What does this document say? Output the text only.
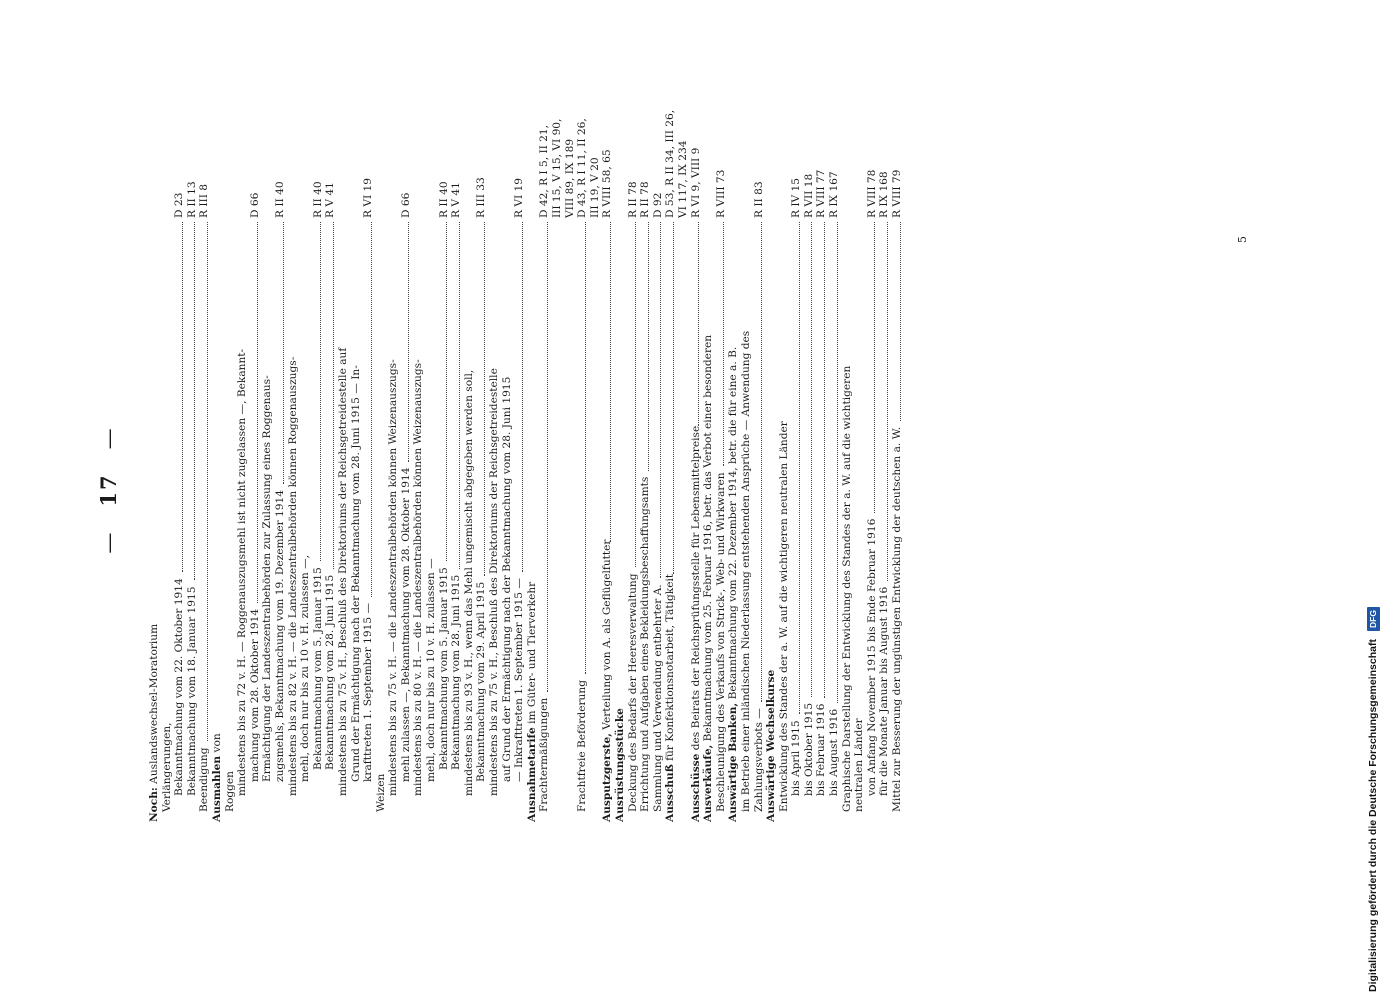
—17—
Noch: Auslandswechsel-Moratorium Verlängerungen, Bekanntmachung vom 22. Oktober 1914 Bekanntmachung vom 18. Januar 1915 Beendigung Ausmahlen von
Roggen mindestens bis zu 72 v. H. — Roggenauszugsmehl ist nicht zugelassen —, Bekannt- machung vom 28. Oktober 1914 Ermächtigung der Landeszentralbehörden zur Zulassung eines Roggenaus- zugsmehls, Bekanntmachung vom 19. Dezember 1914 mindestens bis zu 82 v. H. — die Landeszentralbehörden können Roggenauszugs- mehl, doch nur bis zu 10 v. H. zulassen —, Bekanntmachung vom 5. Januar 1915 Bekanntmachung vom 28. Juni 1915 mindestens bis zu 75 v. H., Beschluß des Direktoriums der Reichsgetreidestelle auf Grund der Ermächtigung nach der Bekanntmachung vom 28. Juni 1915 — In- krafttreten 1. September 1915 —
Weizen mindestens bis zu 75 v. H. — die Landeszentralbehörden können Weizenauszugs- mehl zulassen —, Bekanntmachung vom 28. Oktober 1914 mindestens bis zu 80 v. H. — die Landeszentralbehörden können Weizenauszugs- mehl, doch nur bis zu 10 v. H. zulassen — Bekanntmachung vom 5. Januar 1915 Bekanntmachung vom 28. Juni 1915 mindestens bis zu 93 v. H., wenn das Mehl ungemischt abgegeben werden soll, Bekanntmachung vom 29. April 1915 mindestens bis zu 75 v. H., Beschluß des Direktoriums der Reichsgetreidestelle auf Grund der Ermächtigung nach der Bekanntmachung vom 28. Juni 1915 — Inkrafttreten 1. September 1915 — Ausnahmetarife im Güter- und Tierverkehr
Frachtermäßigungen Frachtfreie Beförderung Ausputzgerste, Verteilung von A. als Geflügelfutter
Ausrüstungsstücke Deckung des Bedarfs der Heeresverwaltung Errichtung und Aufgaben eines Bekleidungsbeschaffungsamts Sammlung und Verwendung entbehrter A. Ausschuß für Konfektionsnotarbeit, Tätigkeit
Ausschüsse des Beirats der Reichsprüfungsstelle für Lebensmittelpreise
Ausverkäufe, Bekanntmachung vom 25. Februar 1916, betr. das Verbot einer besonderen Beschleunigung des Verkaufs von Strick-, Web- und Wirkwaren Auswärtige Banken, Bekanntmachung vom 22. Dezember 1914, betr. die für eine a. B. im Betrieb einer inländischen Niederlassung entstehenden Ansprüche — Anwendung des Zahlungsverbots — Auswärtige Wechselkurse Entwicklung des Standes der a. W. auf die wichtigeren neutralen Länder bis April 1915 bis Oktober 1915 bis Februar 1916 bis August 1916 Graphische Darstellung der Entwicklung des Standes der a. W. auf die wichtigeren neutralen Länder von Anfang November 1915 bis Ende Februar 1916 für die Monate Januar bis August 1916 Mittel zur Besserung der ungünstigen Entwicklung der deutschen a. W.
D 23 R II 13 R III 8	D 66 R II 40 R II 40 R V 41 R VI 19 D 66 R II 40 R V 41 R III 33 R VI 19 D 42, R I 5, II 21, III 15, V 15, VI 90, VIII 89, IX 189 D 43, R I 11, II 26, III 19, V 20 R VIII 58, 65 R II 78 R II 78 D 92 D 53, R II 34, III 26, VI 117, IX 234 R VI 9, VIII 9 R VIII 73 R II 83 R IV 15 R VII 18 R VIII 77 R IX 167 R VIII 78 R IX 168 R VIII 79
5
Digitalisierung gefördert durch die Deutsche Forschungsgemeinschaft
DFG
